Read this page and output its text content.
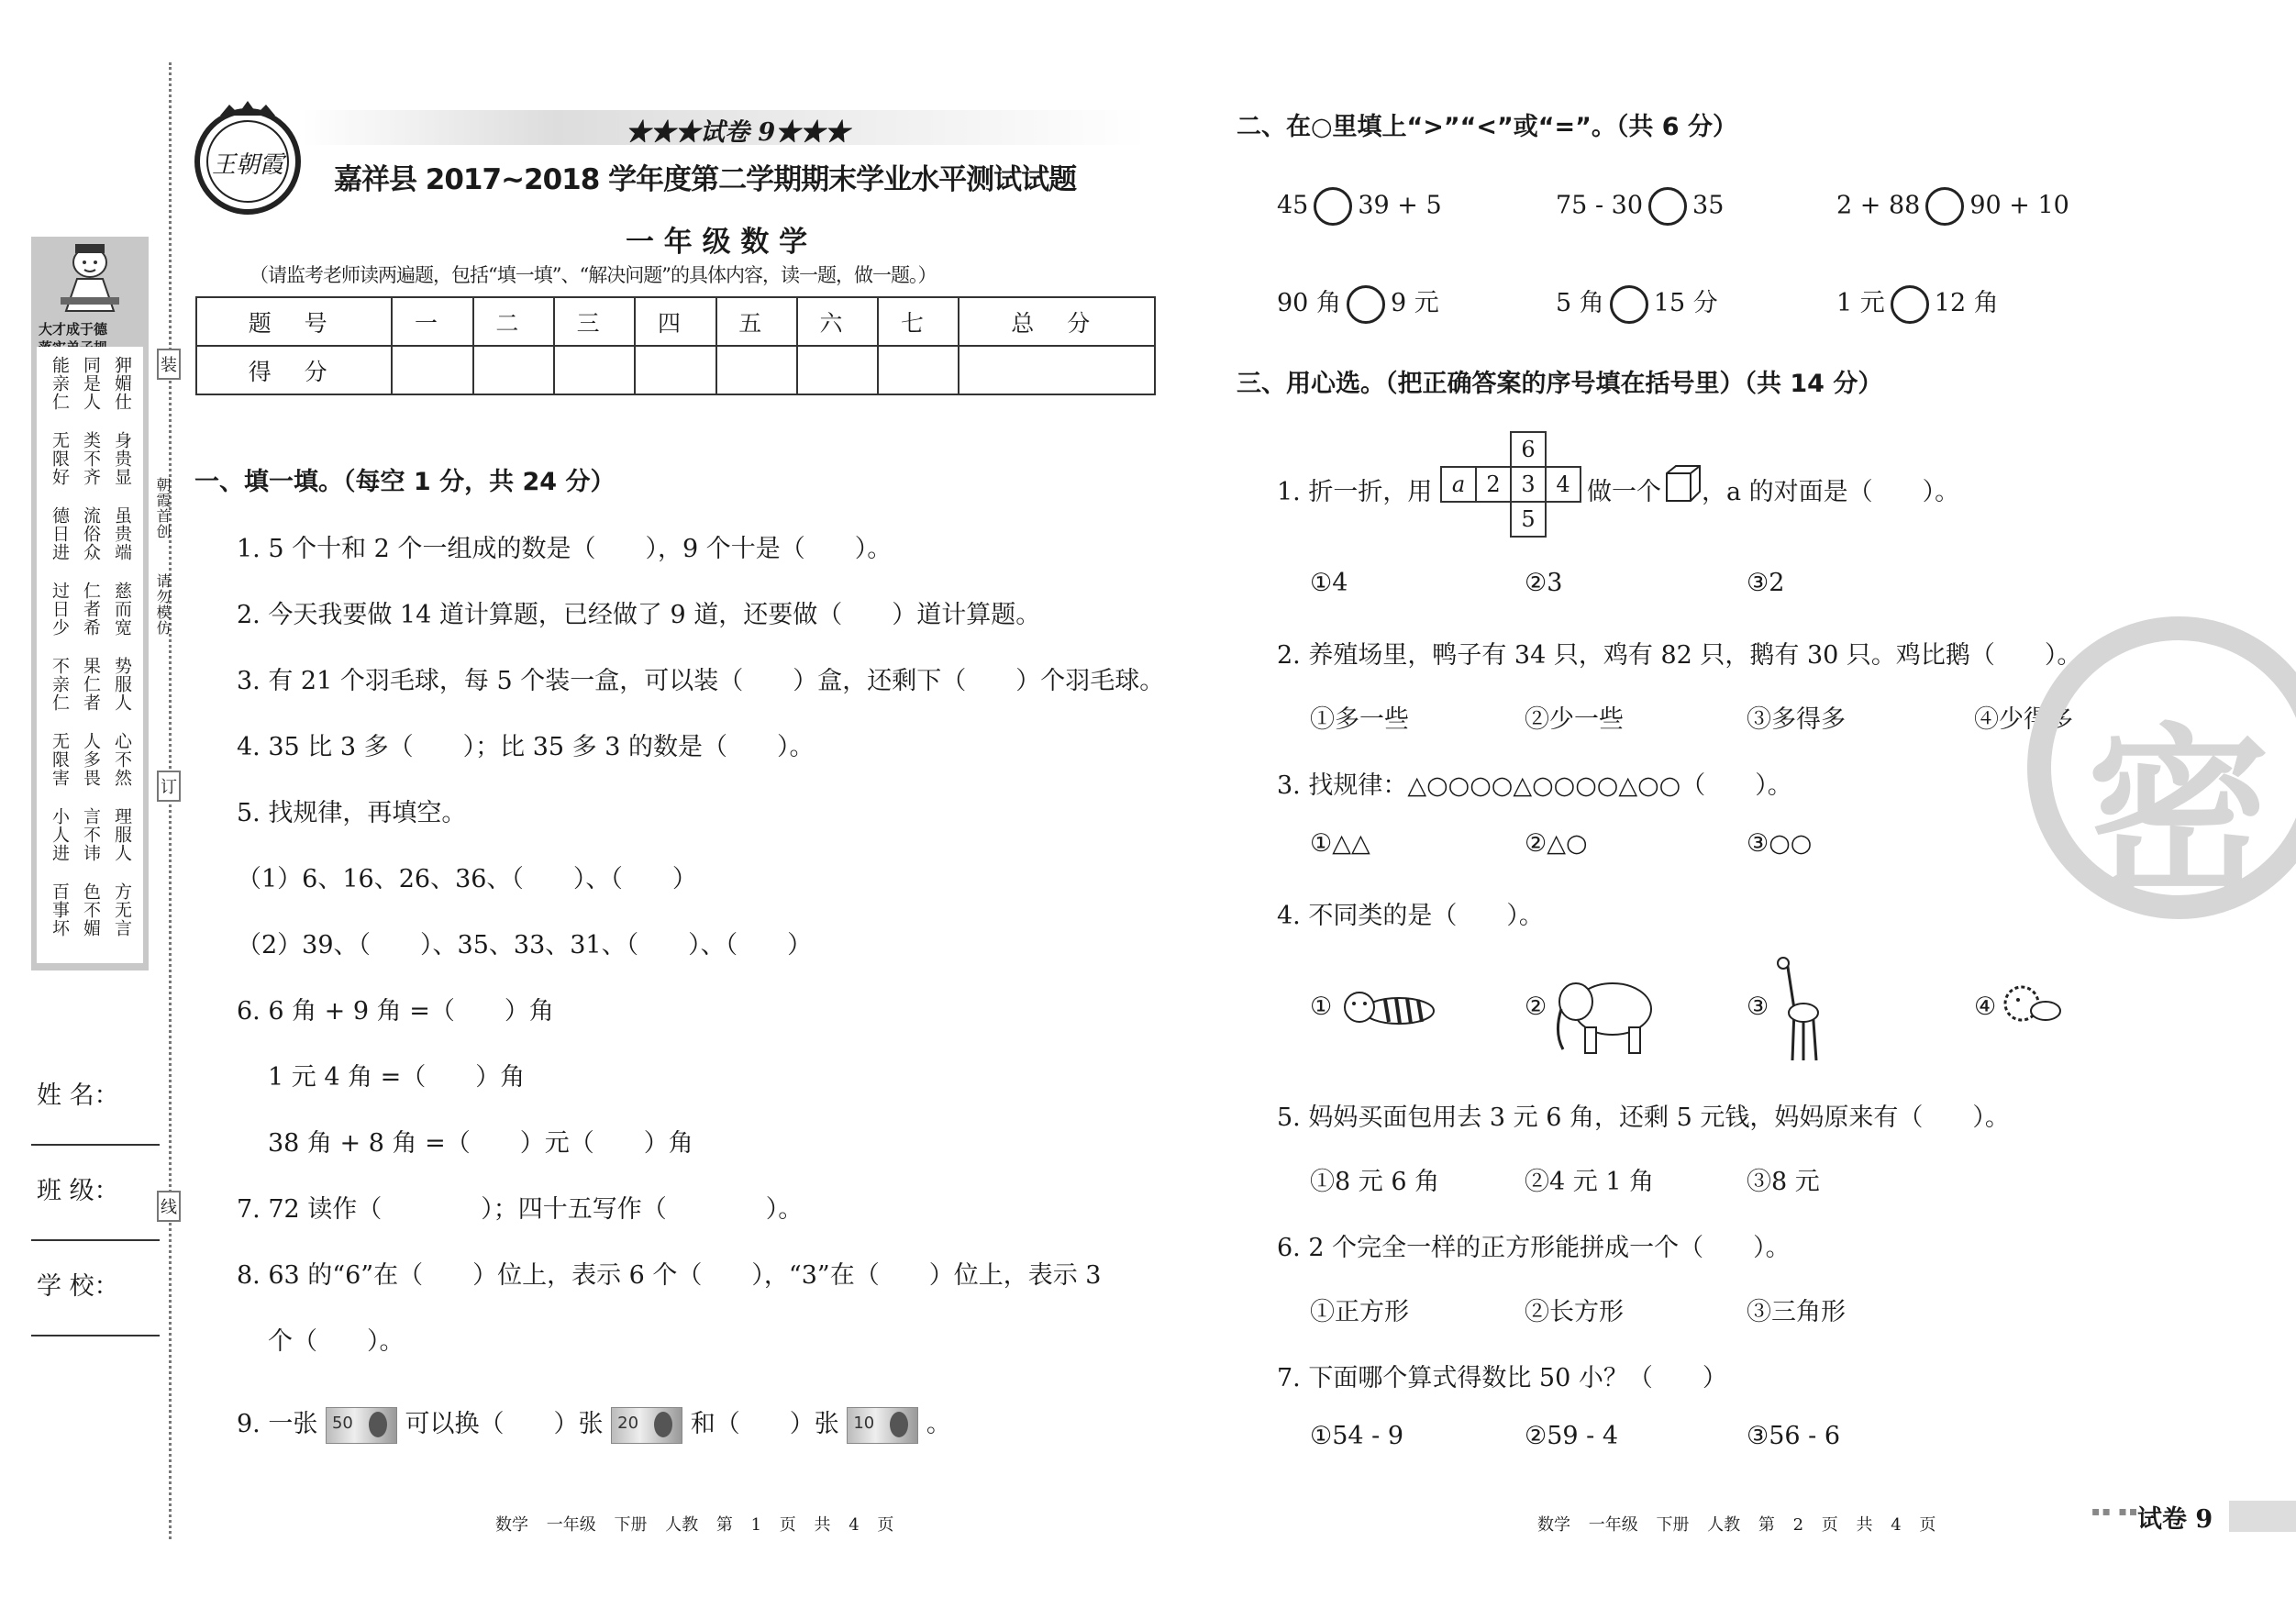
大才成于德
能亲仁 同是人 狎媚仕
无限好 类不齐 身贵显
德日进 流俗众 虽贵端
过日少 仁者希 慈而宽
不亲仁 果仁者 势服人
无限害 人多畏 心不然
小人进 言不讳 理服人
百事坏 色不媚 方无言
装
订
线
朝霞首创
请勿模仿
姓 名：
班 级：
学 校：
王朝霞
★★★试卷 9★★★
嘉祥县 2017~2018 学年度第二学期期末学业水平测试试题
一 年 级 数 学
（请监考老师读两遍题，包括“填一填”、“解决问题”的具体内容，读一题，做一题。）
题 号	一	二	三	四	五	六	七	总 分
得 分								
一、填一填。（每空 1 分，共 24 分）
1. 5 个十和 2 个一组成的数是（　　），9 个十是（　　）。
2. 今天我要做 14 道计算题，已经做了 9 道，还要做（　　）道计算题。
3. 有 21 个羽毛球，每 5 个装一盒，可以装（　　）盒，还剩下（　　）个羽毛球。
4. 35 比 3 多（　　）；比 35 多 3 的数是（　　）。
5. 找规律，再填空。
（1）6、16、26、36、（　　）、（　　）
（2）39、（　　）、35、33、31、（　　）、（　　）
6. 6 角 + 9 角 =（　　）角
1 元 4 角 =（　　）角
38 角 + 8 角 =（　　）元（　　）角
7. 72 读作（　　　　）；四十五写作（　　　　）。
8. 63 的“6”在（　　）位上，表示 6 个（　　），“3”在（　　）位上，表示 3
个（　　）。
9. 一张 50 可以换（　　）张 20 和（　　）张 10 。
数学 一年级 下册 人教 第 1 页 共 4 页
二、在○里填上“>”“<”或“=”。（共 6 分）
45 39 + 5	75 - 30 35	2 + 88 90 + 10
90 角 9 元	5 角 15 分	1 元 12 角
三、用心选。（把正确答案的序号填在括号里）（共 14 分）
1. 折一折，用 a 2 3 4
6
5
做一个 ，a 的对面是（　　）。
①4	②3	③2
2. 养殖场里，鸭子有 34 只，鸡有 82 只，鹅有 30 只。鸡比鹅（　　）。
①多一些	②少一些	③多得多	④少得多
3. 找规律：△○○○○△○○○○△○○（　　）。
①△△	②△○	③○○
4. 不同类的是（　　）。
①	②	③	④
5. 妈妈买面包用去 3 元 6 角，还剩 5 元钱，妈妈原来有（　　）。
①8 元 6 角	②4 元 1 角	③8 元
6. 2 个完全一样的正方形能拼成一个（　　）。
①正方形	②长方形	③三角形
7. 下面哪个算式得数比 50 小？（　　）
①54 - 9	②59 - 4	③56 - 6
密
数学 一年级 下册 人教 第 2 页 共 4 页
▪▪ ▪▪
试卷 9
